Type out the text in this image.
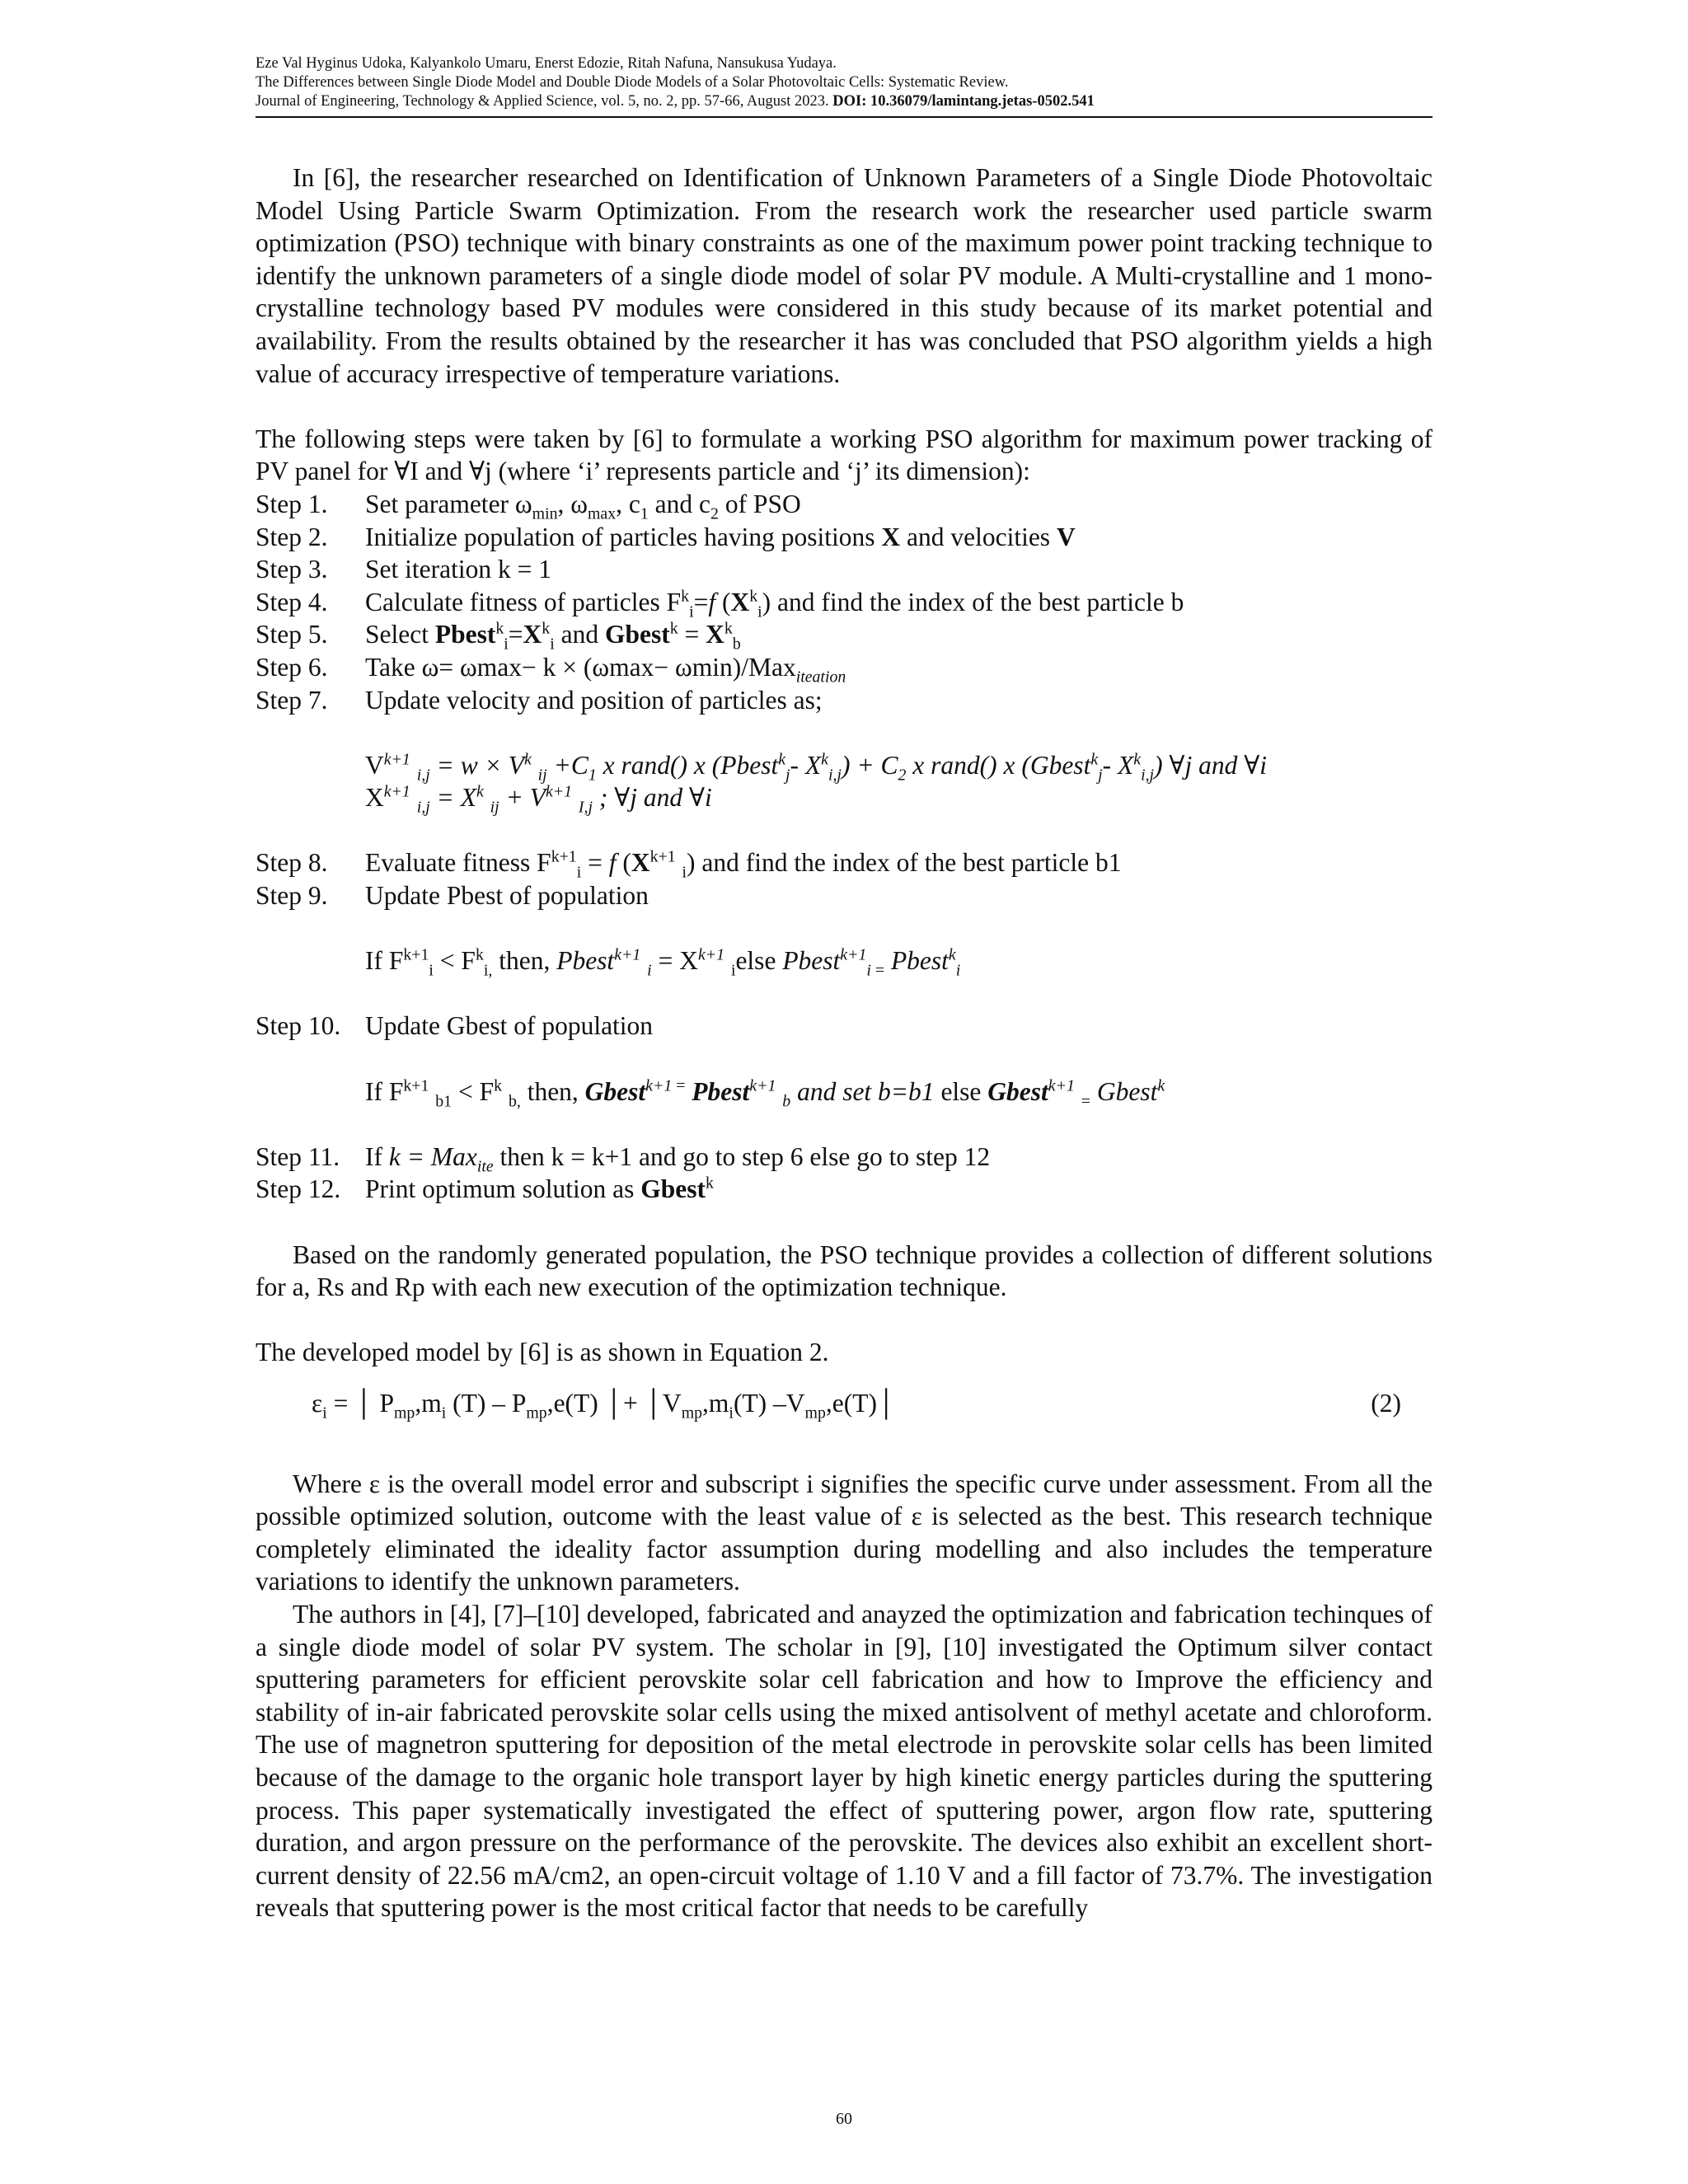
Eze Val Hyginus Udoka, Kalyankolo Umaru, Enerst Edozie, Ritah Nafuna, Nansukusa Yudaya.
The Differences between Single Diode Model and Double Diode Models of a Solar Photovoltaic Cells: Systematic Review.
Journal of Engineering, Technology & Applied Science, vol. 5, no. 2, pp. 57-66, August 2023. DOI: 10.36079/lamintang.jetas-0502.541

In [6], the researcher researched on Identification of Unknown Parameters of a Single Diode Photovoltaic Model Using Particle Swarm Optimization. From the research work the researcher used particle swarm optimization (PSO) technique with binary constraints as one of the maximum power point tracking technique to identify the unknown parameters of a single diode model of solar PV module. A Multi-crystalline and 1 mono-crystalline technology based PV modules were considered in this study because of its market potential and availability. From the results obtained by the researcher it has was concluded that PSO algorithm yields a high value of accuracy irrespective of temperature variations.

The following steps were taken by [6] to formulate a working PSO algorithm for maximum power tracking of PV panel for ∀I and ∀j (where ‘i’ represents particle and ‘j’ its dimension):

Step 1.	Set parameter $\omega_{min}$, $\omega_{max}$, $c_1$ and $c_2$ of PSO
Step 2.	Initialize population of particles having positions X and velocities V
Step 3.	Set iteration k = 1
Step 4.	Calculate fitness of particles $F^k_i=f$ $(X^k_i)$ and find the index of the best particle b
Step 5.	Select $Pbest^k_i=X^k_i$ and Gbest$^k$ = $X^k_b$
Step 6.	Take ω= ωmax− k × (ωmax− ωmin)/Max$_{iteation}$
Step 7.	Update velocity and position of particles as;
$V^{k+1}$ $_{i,j} = w \times V^k$ $_{ij} +C_1$ x rand() x (Pbest$^k_j$- $X^k_{i,j}) + C_2$ x rand() x (Gbest$^k_j$- $X^k_{i,j}$) ∀j and ∀i
$X^{k+1}$ $_{i,j} = X^k$ $_{ij} + V^{k+1}$ $_{I,j}$ ; ∀j and ∀i
Step 8.	Evaluate fitness $F^{k+1}_i = f$ ($X^{k+1}$ $_i$) and find the index of the best particle b1
Step 9.	Update Pbest of population
If $F^{k+1}_i < F^k_{i,}$ then, Pbest$^{k+1}$ $_i = X^{k+1}$ $_i$else Pbest$^{k+1}_{i =}$ Pbest$^k_i$
Step 10. Update Gbest of population
If $F^{k+1}$ $_{b1} < F^k$ $_{b,}$ then, Gbest$^{k+1 =}$ Pbest$^{k+1}$ $_b$ and set b=b1 else Gbest$^{k+1}$ $_=$ Gbest$^k$
Step 11. If k = Max$_{ite}$ then k = k+1 and go to step 6 else go to step 12
Step 12. Print optimum solution as Gbest$^k$

Based on the randomly generated population, the PSO technique provides a collection of different solutions for a, Rs and Rp with each new execution of the optimization technique.

The developed model by [6] is as shown in Equation 2.

$\varepsilon_i$ = │ $P_{mp},m_i$ $(T) - P_{mp},e(T)$ │+ $│V_{mp},m_i(T)$ $-V_{mp},e(T)│$	(2)

Where ε is the overall model error and subscript i signifies the specific curve under assessment. From all the possible optimized solution, outcome with the least value of ε is selected as the best. This research technique completely eliminated the ideality factor assumption during modelling and also includes the temperature variations to identify the unknown parameters.

The authors in [4], [7]–[10] developed, fabricated and anayzed the optimization and fabrication techinques of a single diode model of solar PV system. The scholar in [9], [10] investigated the Optimum silver contact sputtering parameters for efficient perovskite solar cell fabrication and how to Improve the efficiency and stability of in-air fabricated perovskite solar cells using the mixed antisolvent of methyl acetate and chloroform. The use of magnetron sputtering for deposition of the metal electrode in perovskite solar cells has been limited because of the damage to the organic hole transport layer by high kinetic energy particles during the sputtering process. This paper systematically investigated the effect of sputtering power, argon flow rate, sputtering duration, and argon pressure on the performance of the perovskite. The devices also exhibit an excellent short-current density of 22.56 mA/cm2, an open-circuit voltage of 1.10 V and a fill factor of 73.7%. The investigation reveals that sputtering power is the most critical factor that needs to be carefully

60
